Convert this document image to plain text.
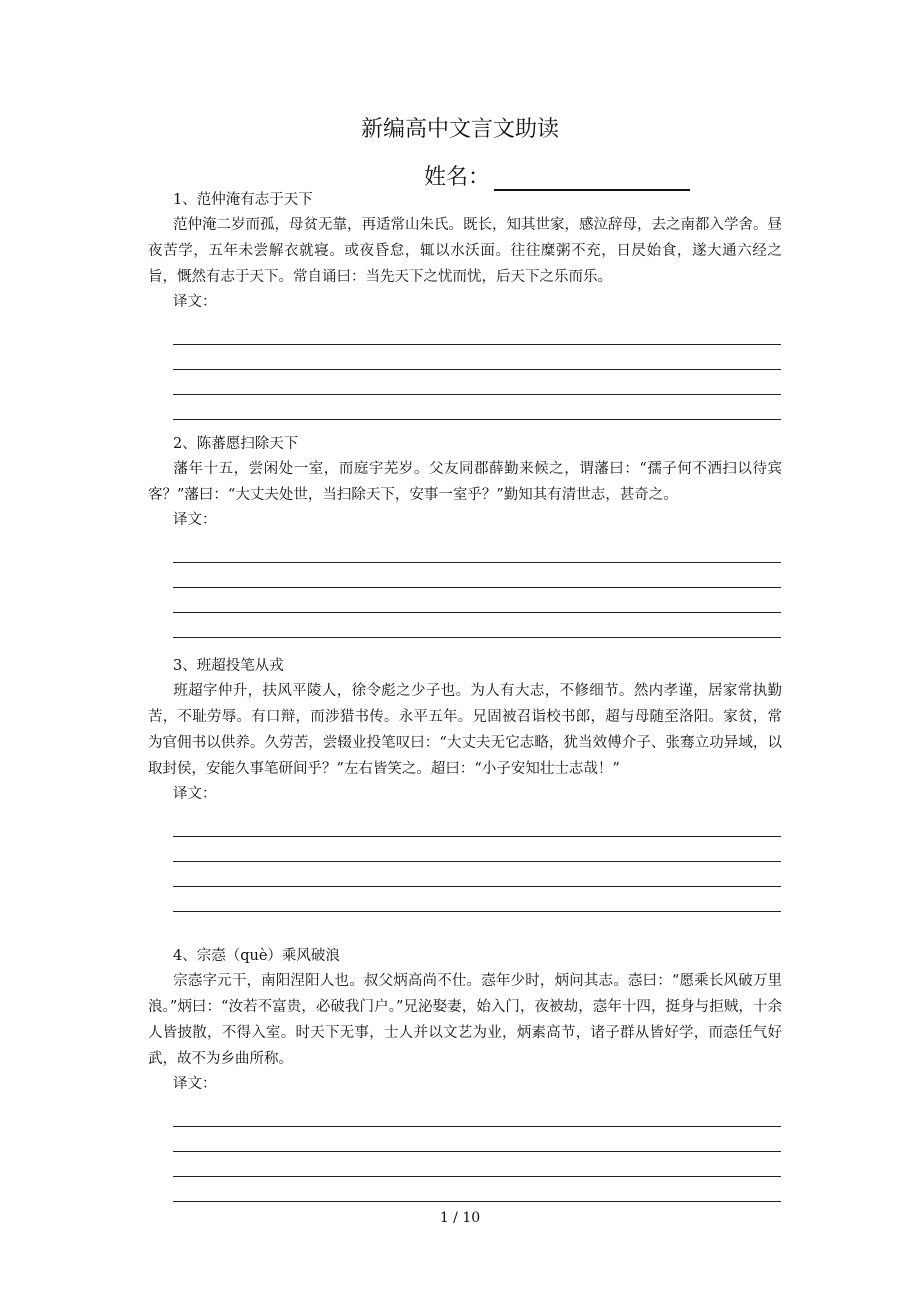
新编高中文言文助读
姓名：
1、范仲淹有志于天下
范仲淹二岁而孤，母贫无靠，再适常山朱氏。既长，知其世家，感泣辞母，去之南都入学舍。昼夜苦学，五年未尝解衣就寝。或夜昏怠，辄以水沃面。往往糜粥不充，日昃始食，遂大通六经之旨，慨然有志于天下。常自诵曰：当先天下之忧而忧，后天下之乐而乐。
译文：
2、陈蕃愿扫除天下
藩年十五，尝闲处一室，而庭宇芜岁。父友同郡薛勤来候之，谓藩曰：“孺子何不洒扫以待宾客？”藩曰：“大丈夫处世，当扫除天下，安事一室乎？”勤知其有清世志，甚奇之。
译文：
3、班超投笔从戎
班超字仲升，扶风平陵人，徐令彪之少子也。为人有大志，不修细节。然内孝谨，居家常执勤苦，不耻劳辱。有口辩，而涉猎书传。永平五年。兄固被召诣校书郎，超与母随至洛阳。家贫，常为官佣书以供养。久劳苦，尝辍业投笔叹曰：“大丈夫无它志略，犹当效傅介子、张骞立功异域，以取封侯，安能久事笔研间乎？”左右皆笑之。超曰：“小子安知壮士志哉！”
译文：
4、宗悫（què）乘风破浪
宗悫字元干，南阳涅阳人也。叔父炳高尚不仕。悫年少时，炳问其志。悫曰：“愿乘长风破万里浪。”炳曰：“汝若不富贵，必破我门户。”兄泌娶妻，始入门，夜被劫，悫年十四，挺身与拒贼，十余人皆披散，不得入室。时天下无事，士人并以文艺为业，炳素高节，诸子群从皆好学，而悫任气好武，故不为乡曲所称。
译文：
1 / 10
